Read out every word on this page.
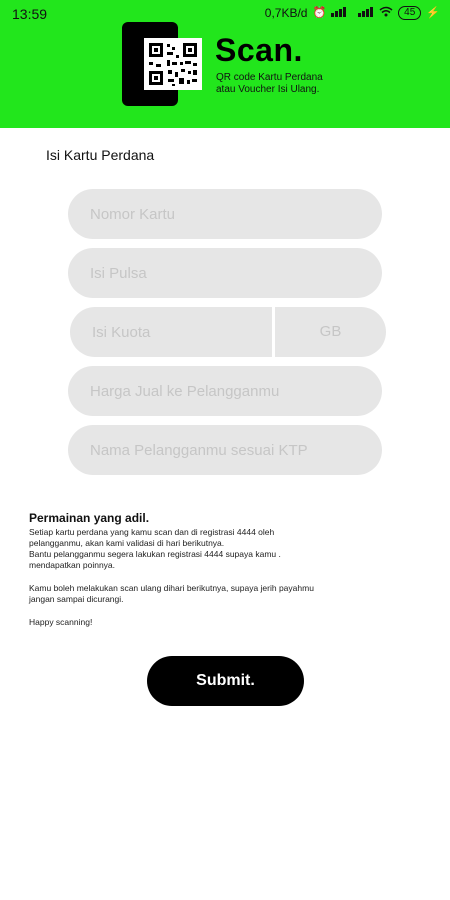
13:59	0,7KB/d ⏰	45	⚡
Scan.
QR code Kartu Perdana
atau Voucher Isi Ulang.
Isi Kartu Perdana
Nomor Kartu
Isi Pulsa
Isi Kuota
GB
Harga Jual ke Pelangganmu
Nama Pelangganmu sesuai KTP
Permainan yang adil.
Setiap kartu perdana yang kamu scan dan di registrasi 4444 oleh
pelangganmu, akan kami validasi di hari berikutnya.
Bantu pelangganmu segera lakukan registrasi 4444 supaya kamu .
mendapatkan poinnya.
Kamu boleh melakukan scan ulang dihari berikutnya, supaya jerih payahmu
jangan sampai dicurangi.
Happy scanning!
Submit.
